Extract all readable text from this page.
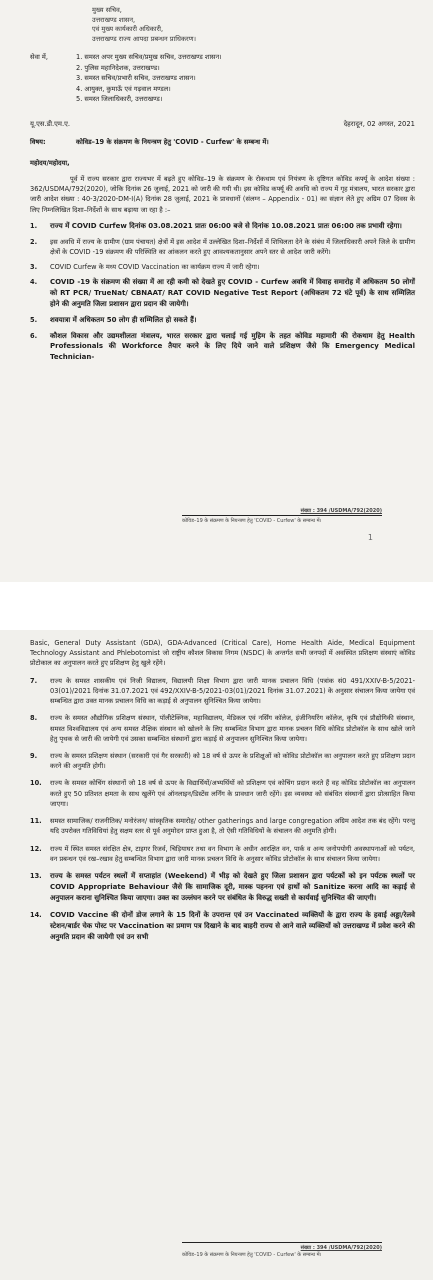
मुख्य सचिव,
उत्तराखण्ड शासन,
एवं मुख्य कार्यकारी अधिकारी,
उत्तराखण्ड राज्य आपदा प्रबन्धन प्राधिकरण।
सेवा में,	1. समस्त अपर मुख्य सचिव/प्रमुख सचिव, उत्तराखण्ड शासन।
2. पुलिस महानिदेशक, उत्तराखण्ड।
3. समस्त सचिव/प्रभारी सचिव, उत्तराखण्ड शासन।
4. आयुक्त, कुमाऊँ एवं गढ़वाल मण्डल।
5. समस्त जिलाधिकारी, उत्तराखण्ड।
यू.एस.डी.एम.ए.	देहरादून, 02 अगस्त, 2021
विषय:	कोविड–19 के संक्रमण के नियन्त्रण हेतु 'COVID - Curfew' के सम्बन्ध में।
महोदय/महोदया,
पूर्व में राज्य सरकार द्वारा राज्यभर में बढ़ते हुए कोविड–19 के संक्रमण के रोकथाम एवं नियंत्रण के दृष्टिगत कोविड कर्फ्यू के आदेश संख्या : 362/USDMA/792(2020), जोकि दिनांक 26 जुलाई, 2021 को जारी की गयी थी। इस कोविड कर्फ्यू की अवधि को राज्य में गृह मंत्रालय, भारत सरकार द्वारा जारी आदेश संख्या : 40-3/2020-DM-I(A) दिनांक 28 जुलाई, 2021 के प्रावधानों (संलग्न – Appendix - 01) का संज्ञान लेते हुए अग्रिम 07 दिवस के लिए निम्नलिखित दिशा–निर्देशों के साथ बढ़ाया जा रहा है :–
1.	राज्य में COVID Curfew दिनांक 03.08.2021 प्रातः 06:00 बजे से दिनांक 10.08.2021 प्रातः 06:00 तक प्रभावी रहेगा।
2.	इस अवधि में राज्य के ग्रामीण (ग्राम पंचायत) क्षेत्रों में इस आदेश में उल्लेखित दिशा–निर्देशों में शिथिलता देने के संबंध में जिलाधिकारी अपने जिले के ग्रामीण क्षेत्रों के COVID -19 संक्रमण की परिस्थिति का आंकलन करते हुए आवश्यकतानुसार अपने स्तर से आदेश जारी करेंगे।
3.	COVID Curfew के मध्य COVID Vaccination का कार्यक्रम राज्य में जारी रहेगा।
4.	COVID -19 के संक्रमण की संख्या में आ रही कमी को देखते हुए COVID - Curfew अवधि में विवाह समारोह में अधिकतम 50 लोगों को RT PCR/ TrueNat/ CBNAAT/ RAT COVID Negative Test Report (अधिकतम 72 घंटे पूर्व) के साथ सम्मिलित होने की अनुमति जिला प्रशासन द्वारा प्रदान की जायेगी।
5.	शवयात्रा में अधिकतम 50 लोग ही सम्मिलित हो सकते हैं।
6.	कौशल विकास और उद्यमशीलता मंत्रालय, भारत सरकार द्वारा चलाई गई मुहिम के तहत कोविड महामारी की रोकथाम हेतु Health Professionals की Workforce तैयार करने के लिए दिये जाने वाले प्रशिक्षण जैसे कि Emergency Medical Technician-
संख्या : 394 /USDMA/792(2020)
कोविड–19 के संक्रमण के नियन्त्रण हेतु 'COVID - Curfew' के सम्बन्ध में।
1
Basic, General Duty Assistant (GDA), GDA-Advanced (Critical Care), Home Health Aide, Medical Equipment Technology Assistant and Phlebotomist जो राष्ट्रीय कौशल विकास निगम (NSDC) के अन्तर्गत सभी जनपदों में अवस्थित प्रशिक्षण संस्थाएं कोविड प्रोटोकाल का अनुपालन करते हुए प्रशिक्षण हेतु खुले रहेंगे।
7.	राज्य के समस्त शासकीय एवं निजी विद्यालय, विद्यालयी शिक्षा विभाग द्वारा जारी मानक प्रचालन विधि (पत्रांक सं0 491/XXIV-B-5/2021-03(01)/2021 दिनांक 31.07.2021 एवं 492/XXIV-B-5/2021-03(01)/2021 दिनांक 31.07.2021) के अनुसार संचालन किया जायेगा एवं सम्बन्धित द्वारा उक्त मानक प्रचालन विधि का कड़ाई से अनुपालन सुनिश्चित किया जायेगा।
8.	राज्य के समस्त औद्योगिक प्रशिक्षण संस्थान, पॉलीटेक्निक, महाविद्यालय, मेडिकल एवं नर्सिंग कॉलेज, इंजीनियरिंग कॉलेज, कृषि एवं प्रौद्योगिकी संस्थान, समस्त विश्वविद्यालय एवं अन्य समस्त शैक्षिक संस्थान को खोलने के लिए सम्बन्धित विभाग द्वारा मानक प्रचलन विधि कोविड प्रोटोकॉल के साथ खोले जाने हेतु पृथक से जारी की जायेगी एवं उसका सम्बन्धित संस्थानों द्वारा कड़ाई से अनुपालन सुनिश्चित किया जायेगा।
9.	राज्य के समस्त प्रशिक्षण संस्थान (सरकारी एवं गैर सरकारी) को 18 वर्ष से ऊपर के प्रशिक्षुओं को कोविड प्रोटोकॉल का अनुपालन करते हुए प्रशिक्षण प्रदान करने की अनुमति होगी।
10.	राज्य के समस्त कोचिंग संस्थानों जो 18 वर्ष से ऊपर के विद्यार्थियों/अभ्यर्थियों को प्रशिक्षण एवं कोचिंग प्रदान करते हैं वह कोविड प्रोटोकॉल का अनुपालन करते हुए 50 प्रतिशत क्षमता के साथ खुलेंगे एवं ऑनलाइन/डिस्टेंस लर्निंग के प्रावधान जारी रहेंगे। इस व्यवस्था को संबंधित संस्थानों द्वारा प्रोत्साहित किया जाएगा।
11.	समस्त सामाजिक/ राजनीतिक/ मनोरंजन/ सांस्कृतिक समारोह/ other gatherings and large congregation अग्रिम आदेश तक बंद रहेंगे। परन्तु यदि उपरोक्त गतिविधियां हेतु सक्षम स्तर से पूर्व अनुमोदन प्राप्त हुआ है, तो ऐसी गतिविधियों के संचालन की अनुमति होगी।
12.	राज्य में स्थित समस्त संरक्षित क्षेत्र, टाइगर रिजर्व, चिड़ियाघर तथा वन विभाग के अधीन आरक्षित वन, पार्क व अन्य जनोपयोगी अवस्थापनाओं को पर्यटन, वन प्रबन्धन एवं रख–रखाव हेतु सम्बन्धित विभाग द्वारा जारी मानक प्रचलन विधि के अनुसार कोविड प्रोटोकॉल के साथ संचालन किया जायेगा।
13.	राज्य के समस्त पर्यटन स्थलों में सप्ताहांत (Weekend) में भीड़ को देखते हुए जिला प्रशासन द्वारा पर्यटकों को इन पर्यटक स्थलों पर COVID Appropriate Behaviour जैसे कि सामाजिक दूरी, मास्क पहनना एवं हाथों को Sanitize करना आदि का कड़ाई से अनुपालन कराना सुनिश्चित किया जाएगा। उक्त का उल्लंघन करने पर संबंधित के विरुद्ध सख्ती से कार्यवाई सुनिश्चित की जाएगी।
14.	COVID Vaccine की दोनों डोज लगाने के 15 दिनों के उपरान्त एवं उन Vaccinated व्यक्तियों के द्वारा राज्य के हवाई अड्डा/रेलवे स्टेशन/बार्डर चेक पोस्ट पर Vaccination का प्रमाण पत्र दिखाने के बाद बाहरी राज्य से आने वाले व्यक्तियों को उत्तराखण्ड में प्रवेश करने की अनुमति प्रदान की जायेगी एवं उन सभी
संख्या : 394 /USDMA/792(2020)
कोविड–19 के संक्रमण के नियन्त्रण हेतु 'COVID - Curfew' के सम्बन्ध में।
